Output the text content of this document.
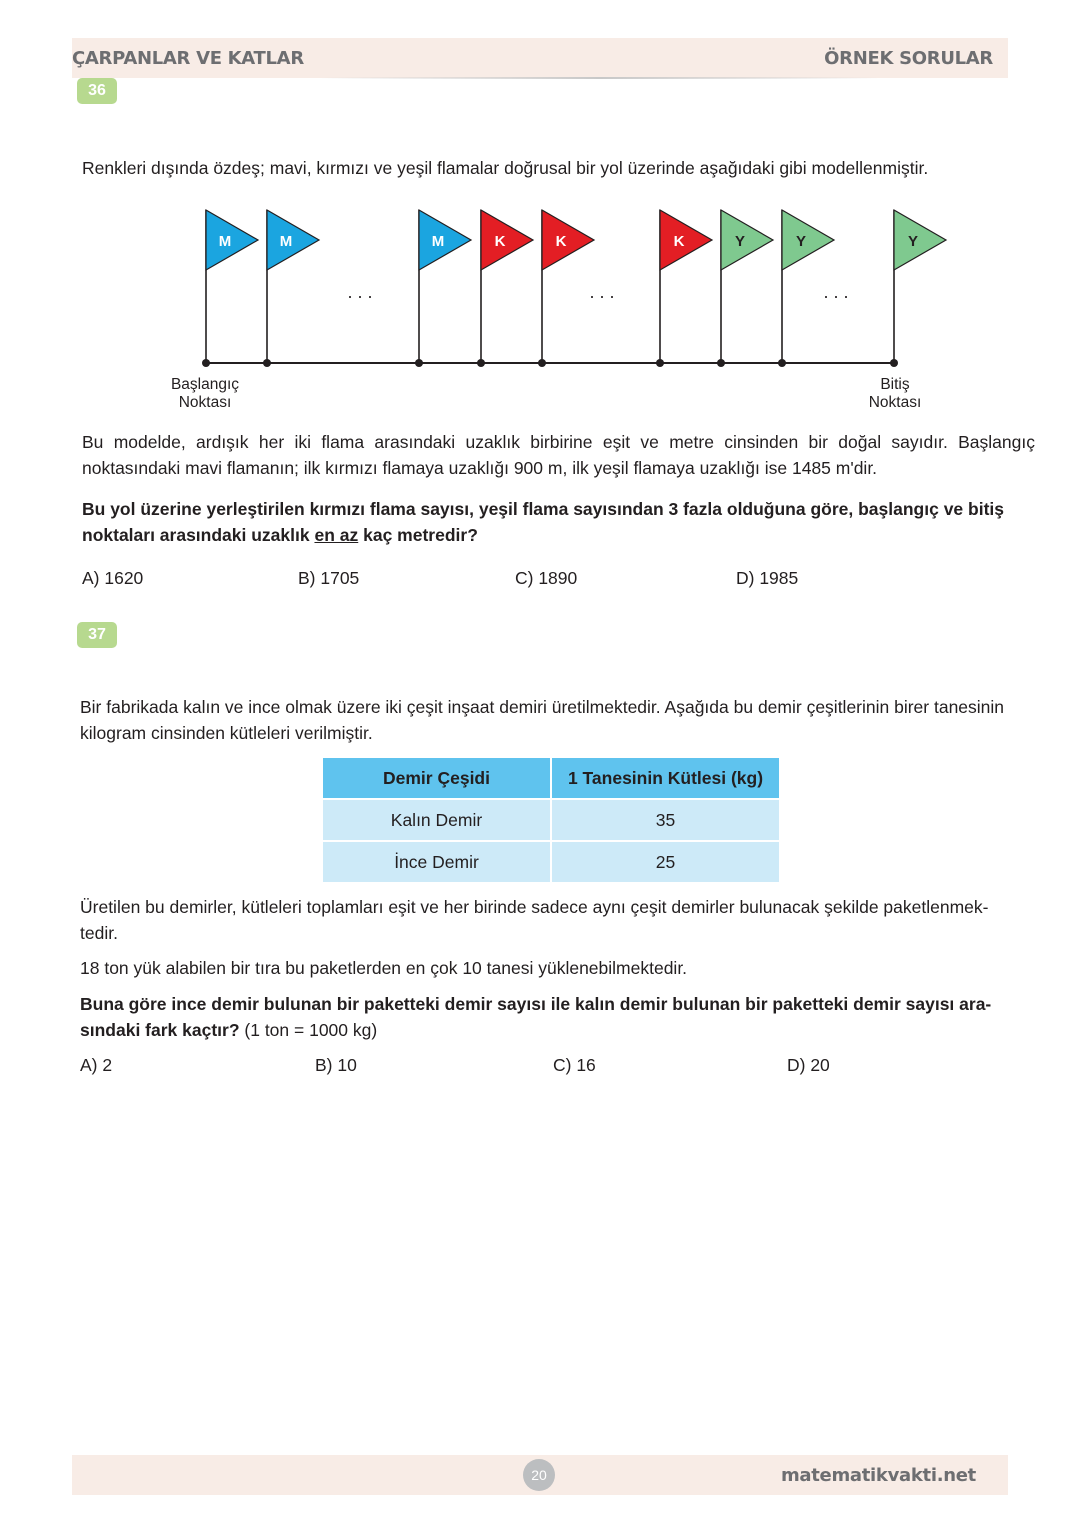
ÇARPANLAR VE KATLAR	ÖRNEK SORULAR
36
Renkleri dışında özdeş; mavi, kırmızı ve yeşil flamalar doğrusal bir yol üzerinde aşağıdaki gibi modellenmiştir.
M	M	M	K	K	K	Y	Y	Y
. . .	. . .	. . .
Başlangıç
Noktası
Bitiş
Noktası
Bu modelde, ardışık her iki flama arasındaki uzaklık birbirine eşit ve metre cinsinden bir doğal sayıdır. Başlangıç noktasındaki mavi flamanın; ilk kırmızı flamaya uzaklığı 900 m, ilk yeşil flamaya uzaklığı ise 1485 m'dir.
Bu yol üzerine yerleştirilen kırmızı flama sayısı, yeşil flama sayısından 3 fazla olduğuna göre, başlangıç ve bitiş noktaları arasındaki uzaklık en az kaç metredir?
A) 1620	B) 1705	C) 1890	D) 1985
37
Bir fabrikada kalın ve ince olmak üzere iki çeşit inşaat demiri üretilmektedir. Aşağıda bu demir çeşitlerinin birer tanesinin kilogram cinsinden kütleleri verilmiştir.
Demir Çeşidi	1 Tanesinin Kütlesi (kg)
Kalın Demir	35
İnce Demir	25
Üretilen bu demirler, kütleleri toplamları eşit ve her birinde sadece aynı çeşit demirler bulunacak şekilde paketlenmek-tedir.
18 ton yük alabilen bir tıra bu paketlerden en çok 10 tanesi yüklenebilmektedir.
Buna göre ince demir bulunan bir paketteki demir sayısı ile kalın demir bulunan bir paketteki demir sayısı ara-sındaki fark kaçtır? (1 ton = 1000 kg)
A) 2	B) 10	C) 16	D) 20
20	matematikvakti.net
